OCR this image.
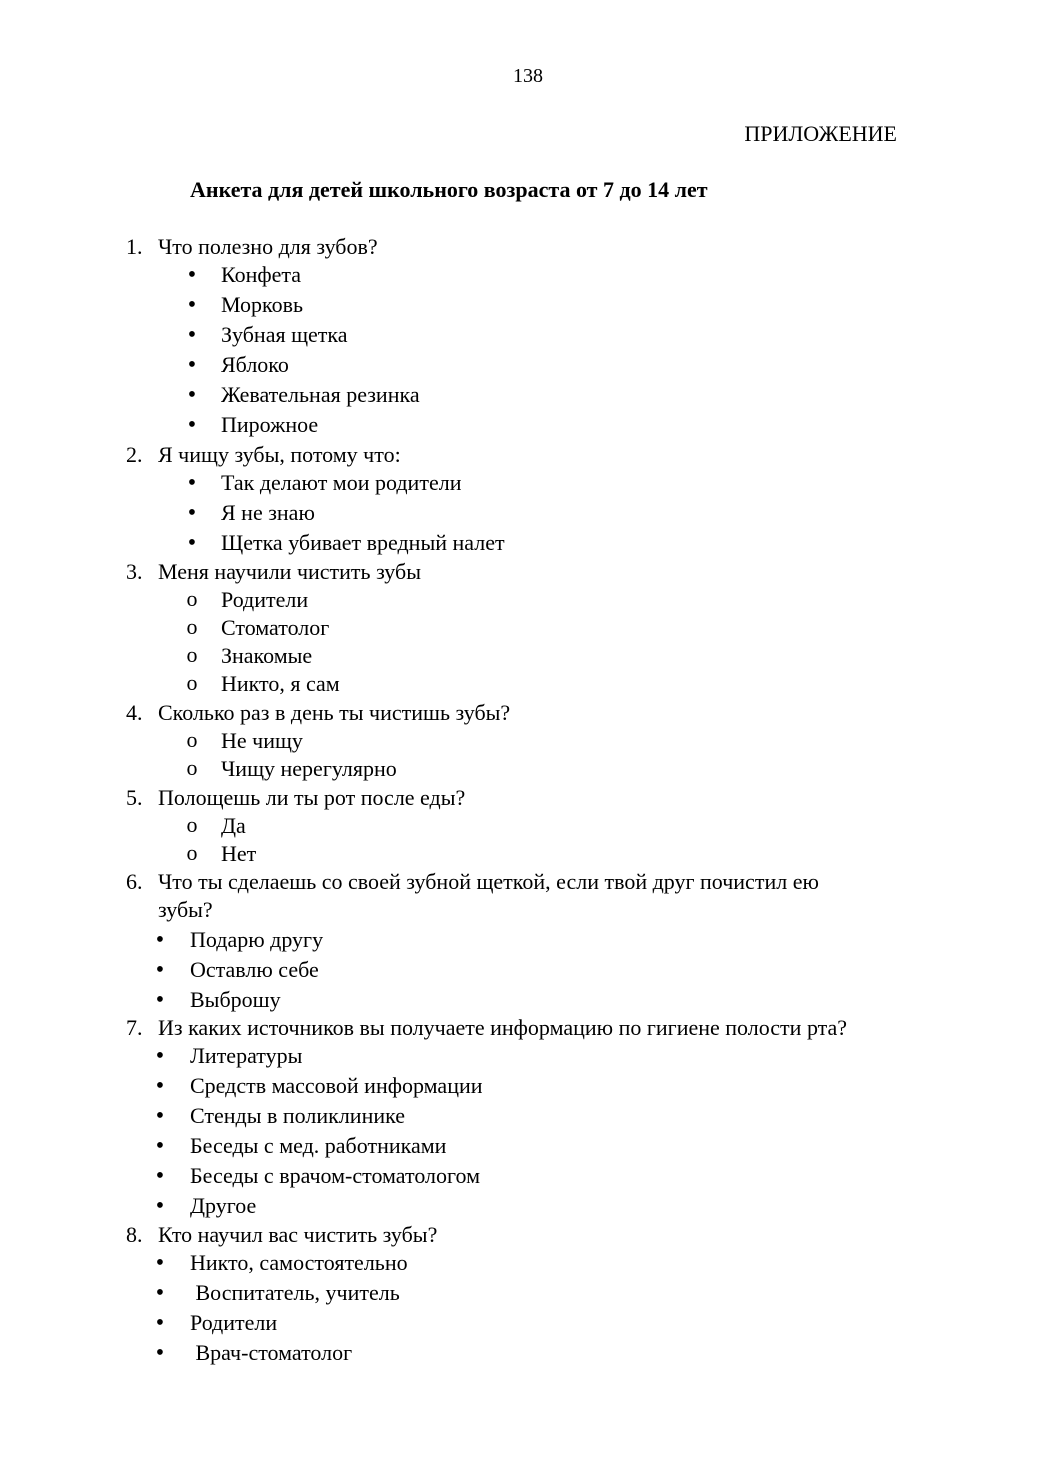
138
ПРИЛОЖЕНИЕ
Анкета для детей школьного возраста от 7 до 14 лет
1. Что полезно для зубов?
• Конфета
• Морковь
• Зубная щетка
• Яблоко
• Жевательная резинка
• Пирожное
2. Я чищу зубы, потому что:
• Так делают мои родители
• Я не знаю
• Щетка убивает вредный налет
3. Меня научили чистить зубы
o Родители
o Стоматолог
o Знакомые
o Никто, я сам
4. Сколько раз в день ты чистишь зубы?
o Не чищу
o Чищу нерегулярно
5. Полощешь ли ты рот после еды?
o Да
o Нет
6. Что ты сделаешь со своей зубной щеткой, если твой друг почистил ею
зубы?
• Подарю другу
• Оставлю себе
• Выброшу
7. Из каких источников вы получаете информацию по гигиене полости рта?
• Литературы
• Средств массовой информации
• Стенды в поликлинике
• Беседы с мед. работниками
• Беседы с врачом-стоматологом
• Другое
8. Кто научил вас чистить зубы?
• Никто, самостоятельно
• Воспитатель, учитель
• Родители
• Врач-стоматолог
